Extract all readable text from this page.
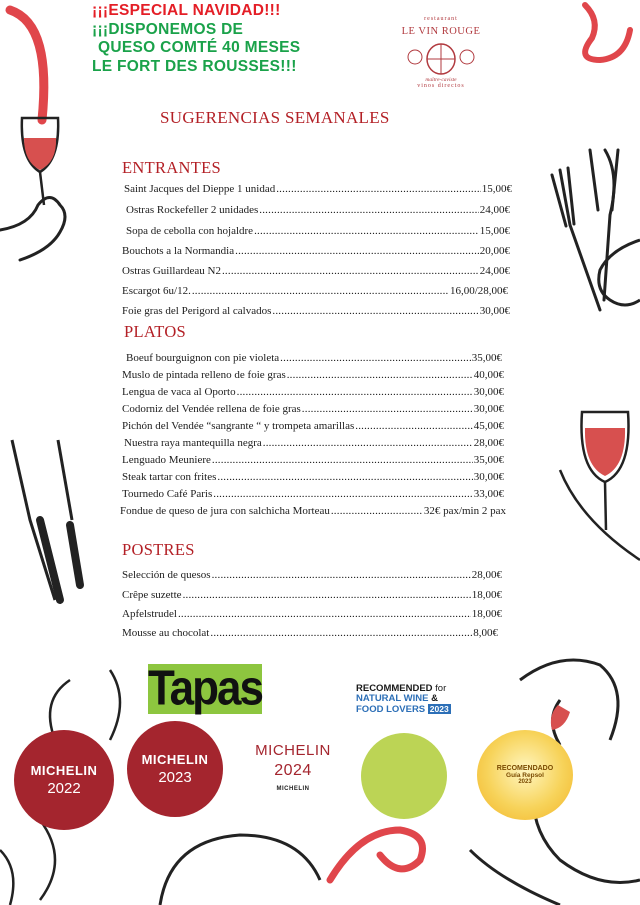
¡¡¡ESPECIAL NAVIDAD!!!
¡¡¡DISPONEMOS DE
QUESO COMTÉ 40 MESES
LE FORT DES ROUSSES!!!
restaurant
LE VIN ROUGE
maître-caviste
vinos directos
SUGERENCIAS SEMANALES
ENTRANTES
Saint Jacques del Dieppe 1 unidad .....	15,00€
Ostras Rockefeller 2 unidades .....	24,00€
Sopa de cebolla con hojaldre .....	15,00€
Bouchots a la Normandia .....	20,00€
Ostras Guillardeau N2 .....	24,00€
Escargot 6u/12. .....	16,00/28,00€
Foie gras del Perigord al calvados .....	30,00€
PLATOS
Boeuf bourguignon con pie violeta .....	35,00€
Muslo de pintada relleno de foie gras .....	40,00€
Lengua de vaca al Oporto .....	30,00€
Codorniz del Vendée rellena de foie gras .....	30,00€
Pichón del Vendée “sangrante “ y trompeta amarillas .....	45,00€
Nuestra raya mantequilla negra .....	28,00€
Lenguado Meuniere .....	35,00€
Steak tartar con frites .....	30,00€
Tournedo Café Paris .....	33,00€
Fondue de queso de jura con salchicha Morteau .....	32€ pax/min 2 pax
POSTRES
Selección de quesos .....	28,00€
Crêpe suzette .....	18,00€
Apfelstrudel .....	18,00€
Mousse au chocolat .....	8,00€
Tapas	RECOMMENDED for
NATURAL WINE &
FOOD LOVERS 2023
MICHELIN
2022
MICHELIN
2023
MICHELIN
2024
MICHELIN
RECOMENDADO
Guía Repsol
2023
